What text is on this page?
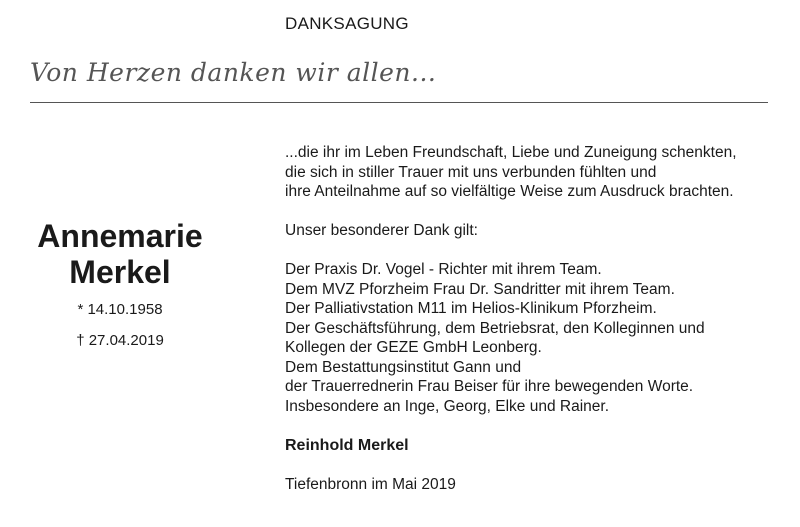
DANKSAGUNG
Von Herzen danken wir allen...
Annemarie
Merkel
* 14.10.1958
† 27.04.2019
...die ihr im Leben Freundschaft, Liebe und Zuneigung schenkten,
die sich in stiller Trauer mit uns verbunden fühlten und
ihre Anteilnahme auf so vielfältige Weise zum Ausdruck brachten.
Unser besonderer Dank gilt:
Der Praxis Dr. Vogel - Richter mit ihrem Team.
Dem MVZ Pforzheim Frau Dr. Sandritter mit ihrem Team.
Der Palliativstation M11 im Helios-Klinikum Pforzheim.
Der Geschäftsführung, dem Betriebsrat, den Kolleginnen und
Kollegen der GEZE GmbH Leonberg.
Dem Bestattungsinstitut Gann und
der Trauerrednerin Frau Beiser für ihre bewegenden Worte.
Insbesondere an Inge, Georg, Elke und Rainer.
Reinhold Merkel
Tiefenbronn im Mai 2019
